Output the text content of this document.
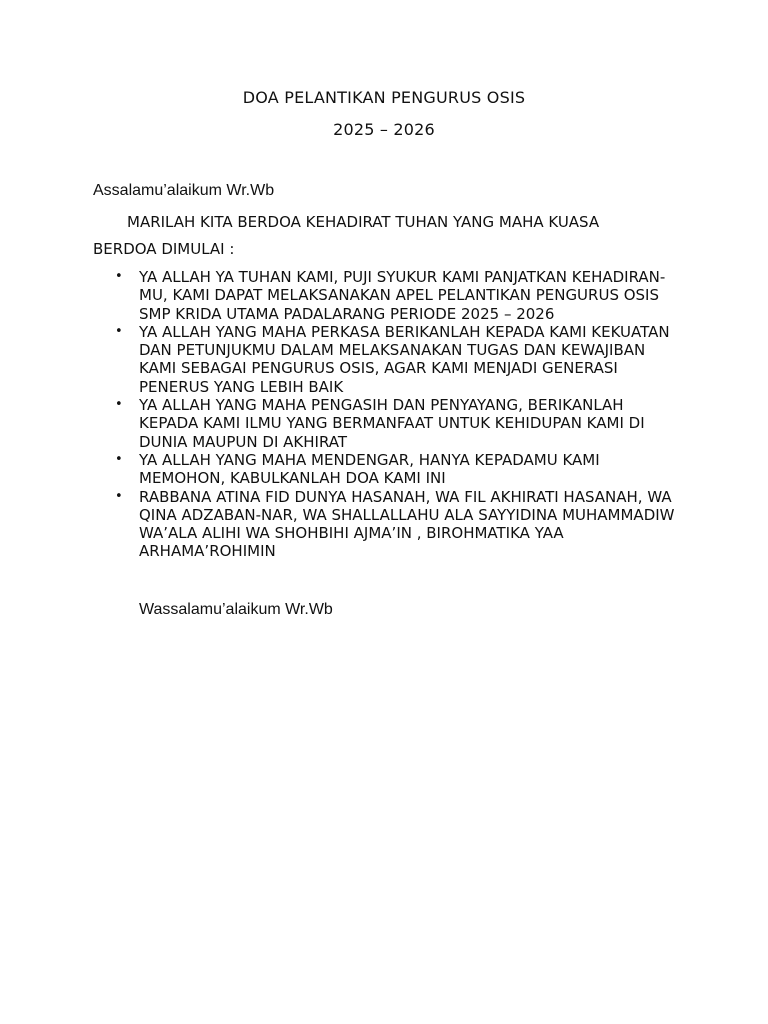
DOA PELANTIKAN PENGURUS OSIS
2025 – 2026
Assalamu’alaikum Wr.Wb
MARILAH KITA BERDOA KEHADIRAT TUHAN YANG MAHA KUASA
BERDOA DIMULAI :
• YA ALLAH YA TUHAN KAMI, PUJI SYUKUR KAMI PANJATKAN KEHADIRAN-MU, KAMI DAPAT MELAKSANAKAN APEL PELANTIKAN PENGURUS OSIS SMP KRIDA UTAMA PADALARANG PERIODE 2025 – 2026
• YA ALLAH YANG MAHA PERKASA BERIKANLAH KEPADA KAMI KEKUATAN DAN PETUNJUKMU DALAM MELAKSANAKAN TUGAS DAN KEWAJIBAN KAMI SEBAGAI PENGURUS OSIS, AGAR KAMI MENJADI GENERASI PENERUS YANG LEBIH BAIK
• YA ALLAH YANG MAHA PENGASIH DAN PENYAYANG, BERIKANLAH KEPADA KAMI ILMU YANG BERMANFAAT UNTUK KEHIDUPAN KAMI DI DUNIA MAUPUN DI AKHIRAT
• YA ALLAH YANG MAHA MENDENGAR, HANYA KEPADAMU KAMI MEMOHON, KABULKANLAH DOA KAMI INI
• RABBANA ATINA FID DUNYA HASANAH, WA FIL AKHIRATI HASANAH, WA QINA ADZABAN-NAR, WA SHALLALLAHU ALA SAYYIDINA MUHAMMADIW WA’ALA ALIHI WA SHOHBIHI AJMA’IN , BIROHMATIKA YAA ARHAMA’ROHIMIN
Wassalamu’alaikum Wr.Wb
